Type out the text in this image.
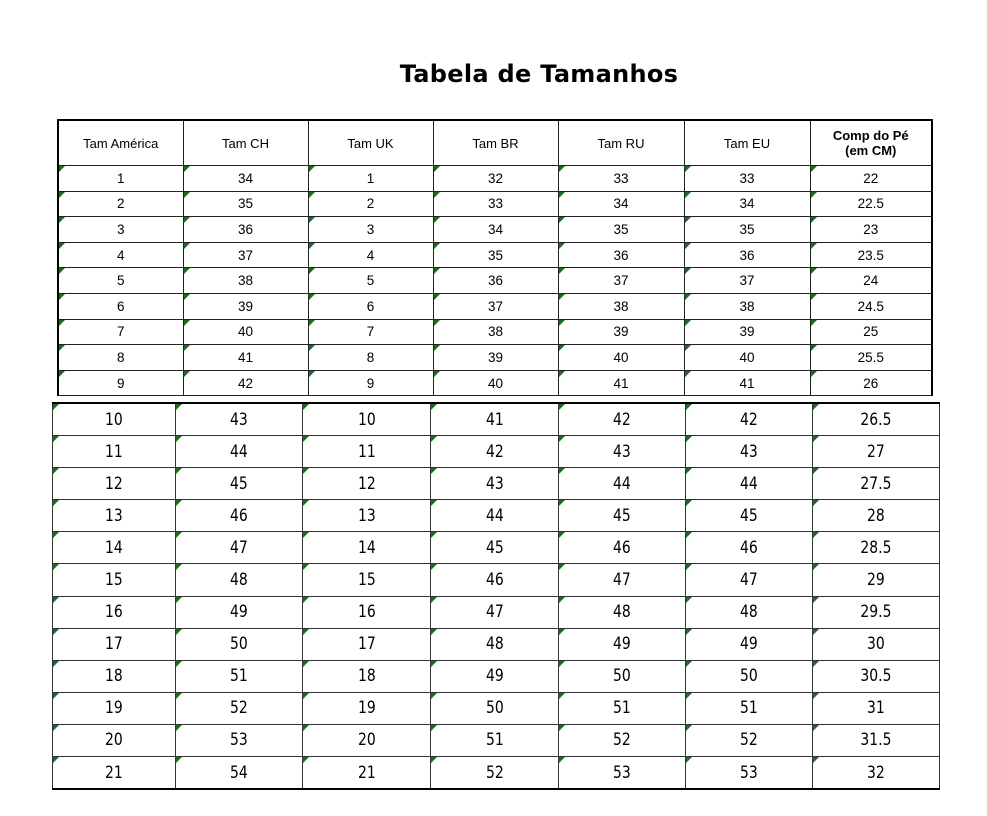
Tabela de Tamanhos
Tam América	Tam CH	Tam UK	Tam BR	Tam RU	Tam EU	Comp do Pé (em CM)
1	34	1	32	33	33	22
2	35	2	33	34	34	22.5
3	36	3	34	35	35	23
4	37	4	35	36	36	23.5
5	38	5	36	37	37	24
6	39	6	37	38	38	24.5
7	40	7	38	39	39	25
8	41	8	39	40	40	25.5
9	42	9	40	41	41	26
10	43	10	41	42	42	26.5
11	44	11	42	43	43	27
12	45	12	43	44	44	27.5
13	46	13	44	45	45	28
14	47	14	45	46	46	28.5
15	48	15	46	47	47	29
16	49	16	47	48	48	29.5
17	50	17	48	49	49	30
18	51	18	49	50	50	30.5
19	52	19	50	51	51	31
20	53	20	51	52	52	31.5
21	54	21	52	53	53	32
